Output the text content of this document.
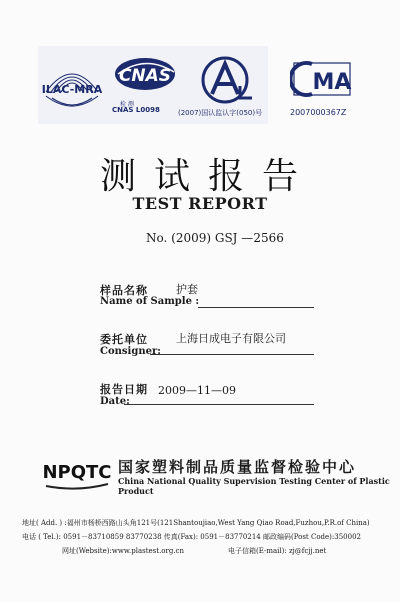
ILAC-MRA
CNAS
检 测
CNAS L0098	(2007)国认监认字(050)号
MA
2007000367Z
测试报告
TEST REPORT
No. (2009) GSJ —2566
样品名称	护套
Name of Sample :
委托单位	上海日成电子有限公司
Consigner:
报告日期 2009—11—09
Date:
NPQTC 国家塑料制品质量监督检验中心
China National Quality Supervision Testing Center of Plastic Product
地址( Add. ) :福州市杨桥西路山头角121号(121Shantoujiao,West Yang Qiao Road,Fuzhou,P.R.of China)
电话 ( Tel.): 0591－83710859 83770238 传真(Fax): 0591－83770214 邮政编码(Post Code):350002
网址(Website):www.plastest.org.cn	电子信箱(E-mail): zj@fcjj.net
